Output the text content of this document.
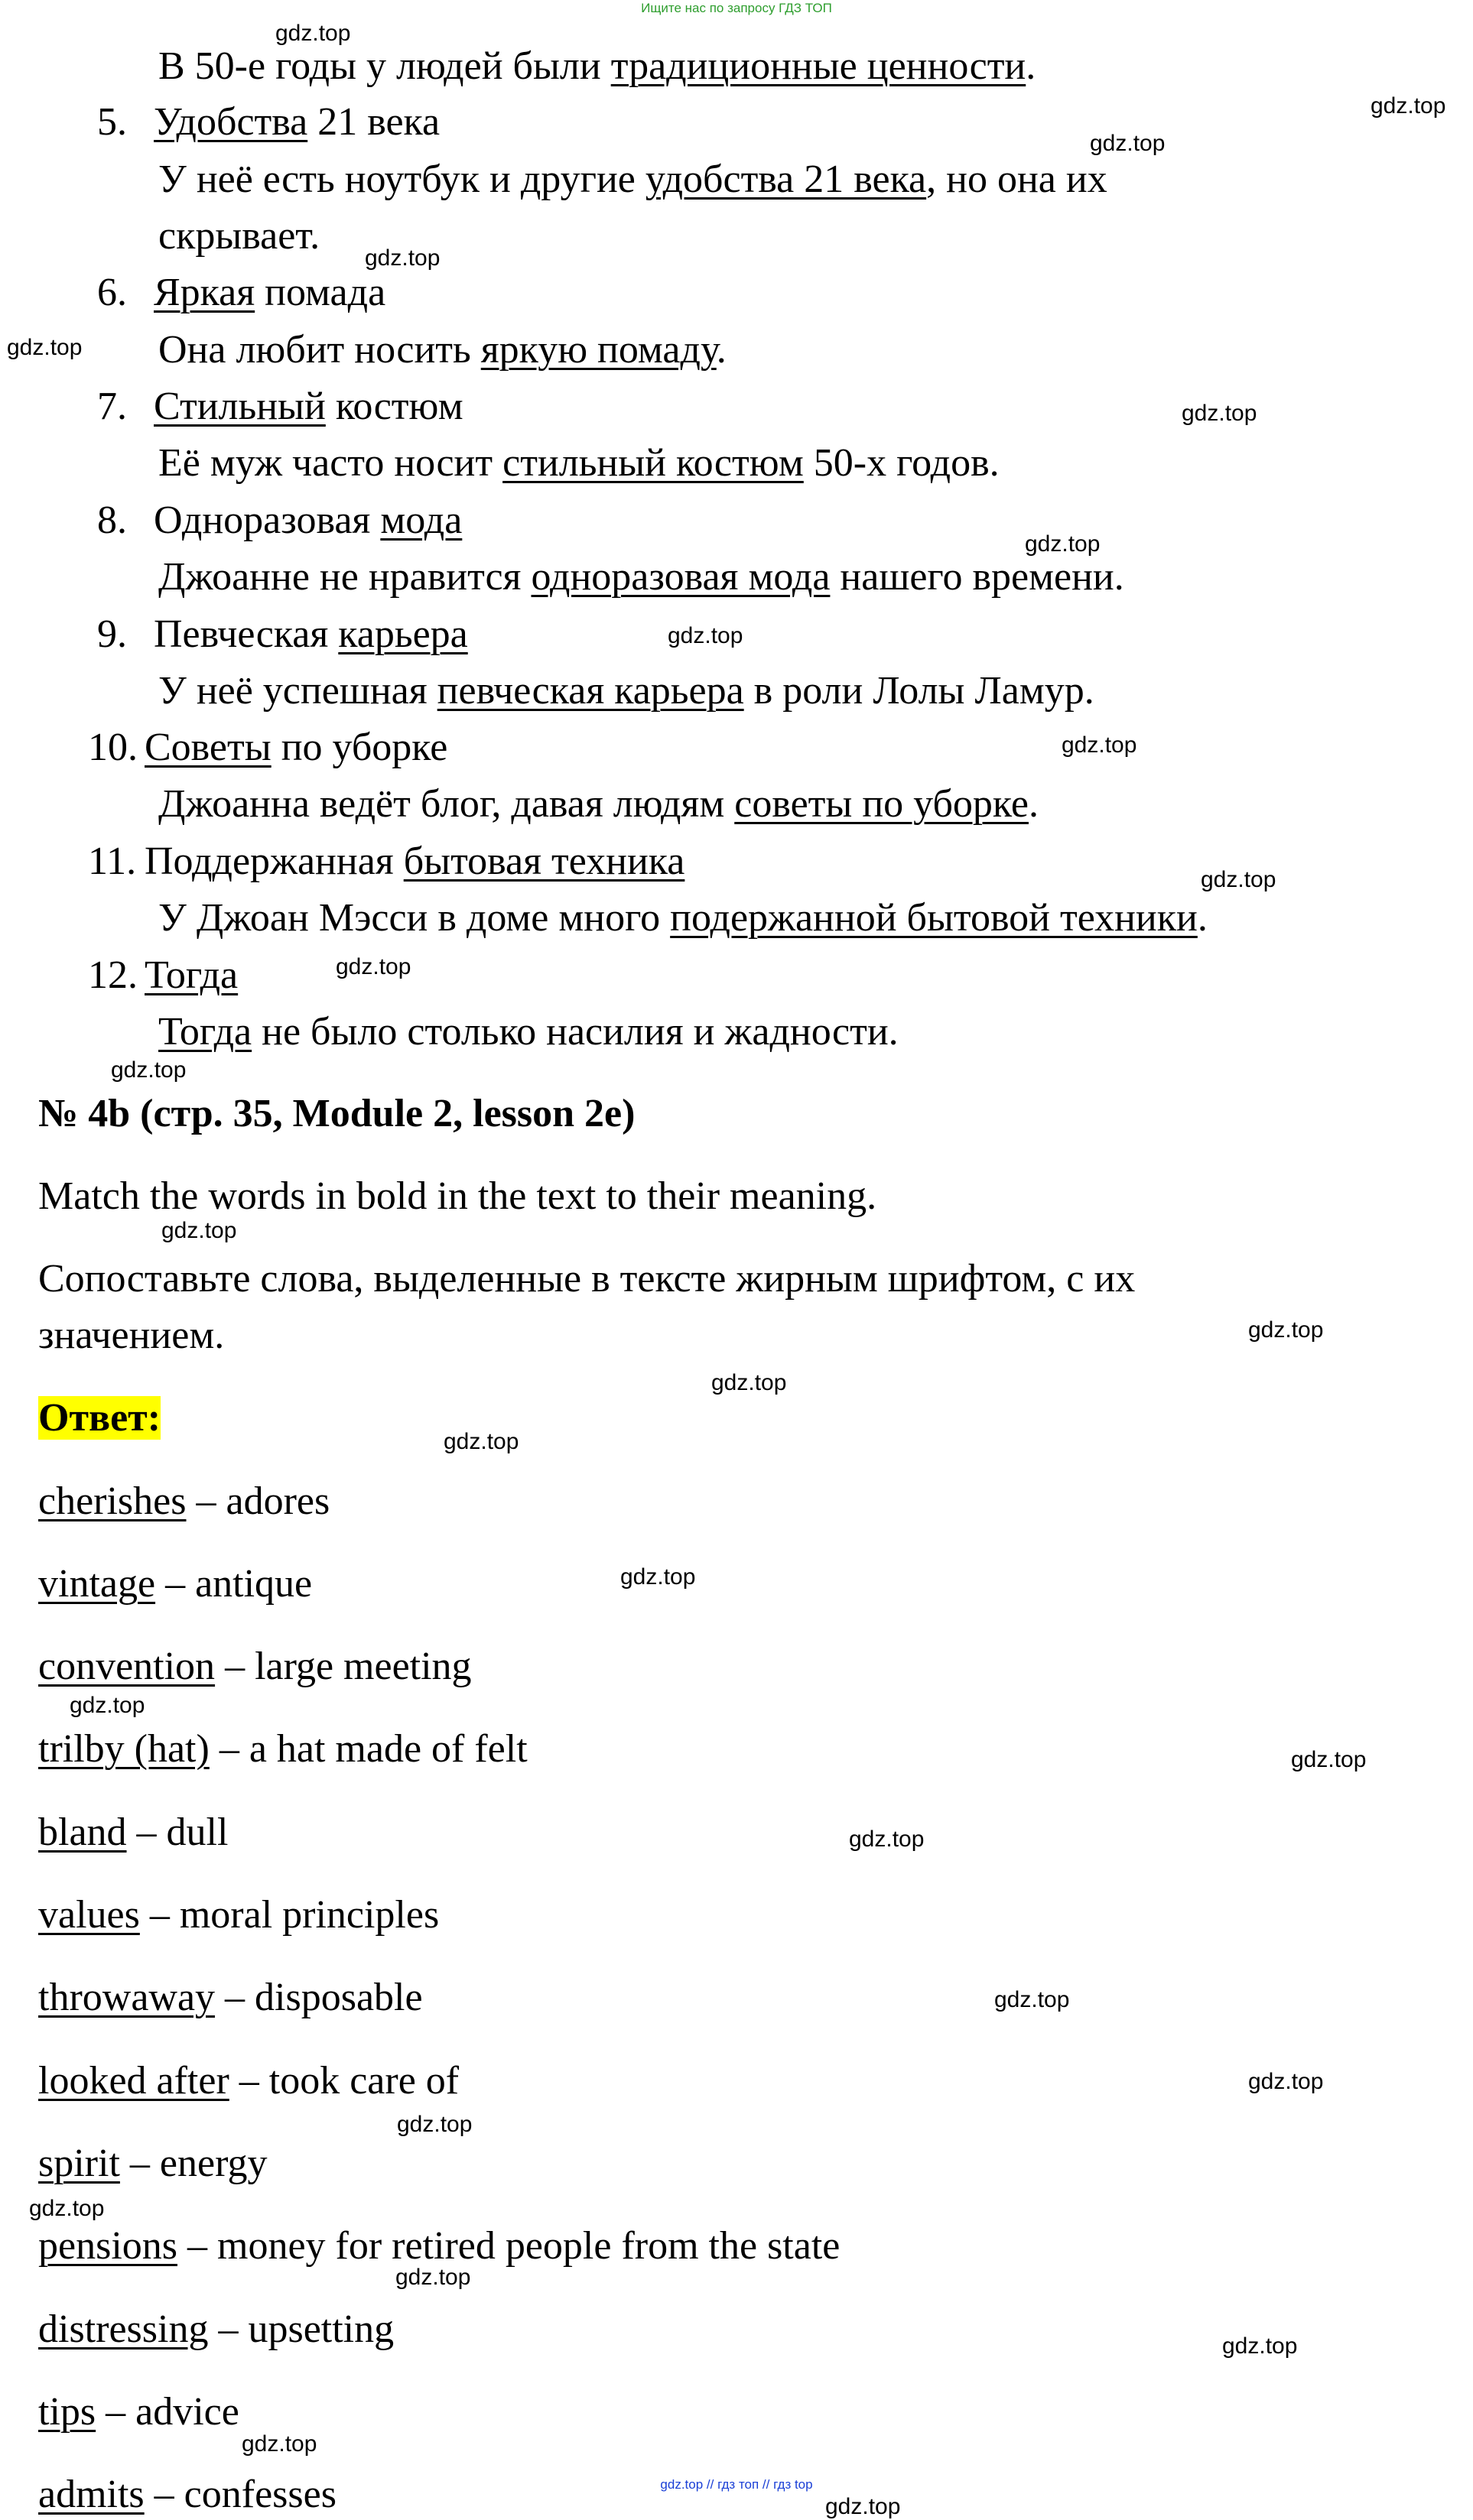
Ищите нас по запросу ГДЗ ТОП
В 50-е годы у людей были традиционные ценности.
5. Удобства 21 века
У неё есть ноутбук и другие удобства 21 века, но она их
скрывает.
6. Яркая помада
Она любит носить яркую помаду.
7. Стильный костюм
Её муж часто носит стильный костюм 50-х годов.
8. Одноразовая мода
Джоанне не нравится одноразовая мода нашего времени.
9. Певческая карьера
У неё успешная певческая карьера в роли Лолы Ламур.
10. Советы по уборке
Джоанна ведёт блог, давая людям советы по уборке.
11. Поддержанная бытовая техника
У Джоан Мэсси в доме много подержанной бытовой техники.
12. Тогда
Тогда не было столько насилия и жадности.
№ 4b (стр. 35, Module 2, lesson 2e)
Match the words in bold in the text to their meaning.
Сопоставьте слова, выделенные в тексте жирным шрифтом, с их
значением.
Ответ:
cherishes – adores
vintage – antique
convention – large meeting
trilby (hat) – a hat made of felt
bland – dull
values – moral principles
throwaway – disposable
looked after – took care of
spirit – energy
pensions – money for retired people from the state
distressing – upsetting
tips – advice
admits – confesses
gdz.top
gdz.top
gdz.top
gdz.top
gdz.top
gdz.top
gdz.top
gdz.top
gdz.top
gdz.top
gdz.top
gdz.top
gdz.top
gdz.top
gdz.top
gdz.top
gdz.top
gdz.top
gdz.top
gdz.top
gdz.top
gdz.top
gdz.top
gdz.top
gdz.top
gdz.top
gdz.top
gdz.top
gdz.top // гдз топ // гдз top
